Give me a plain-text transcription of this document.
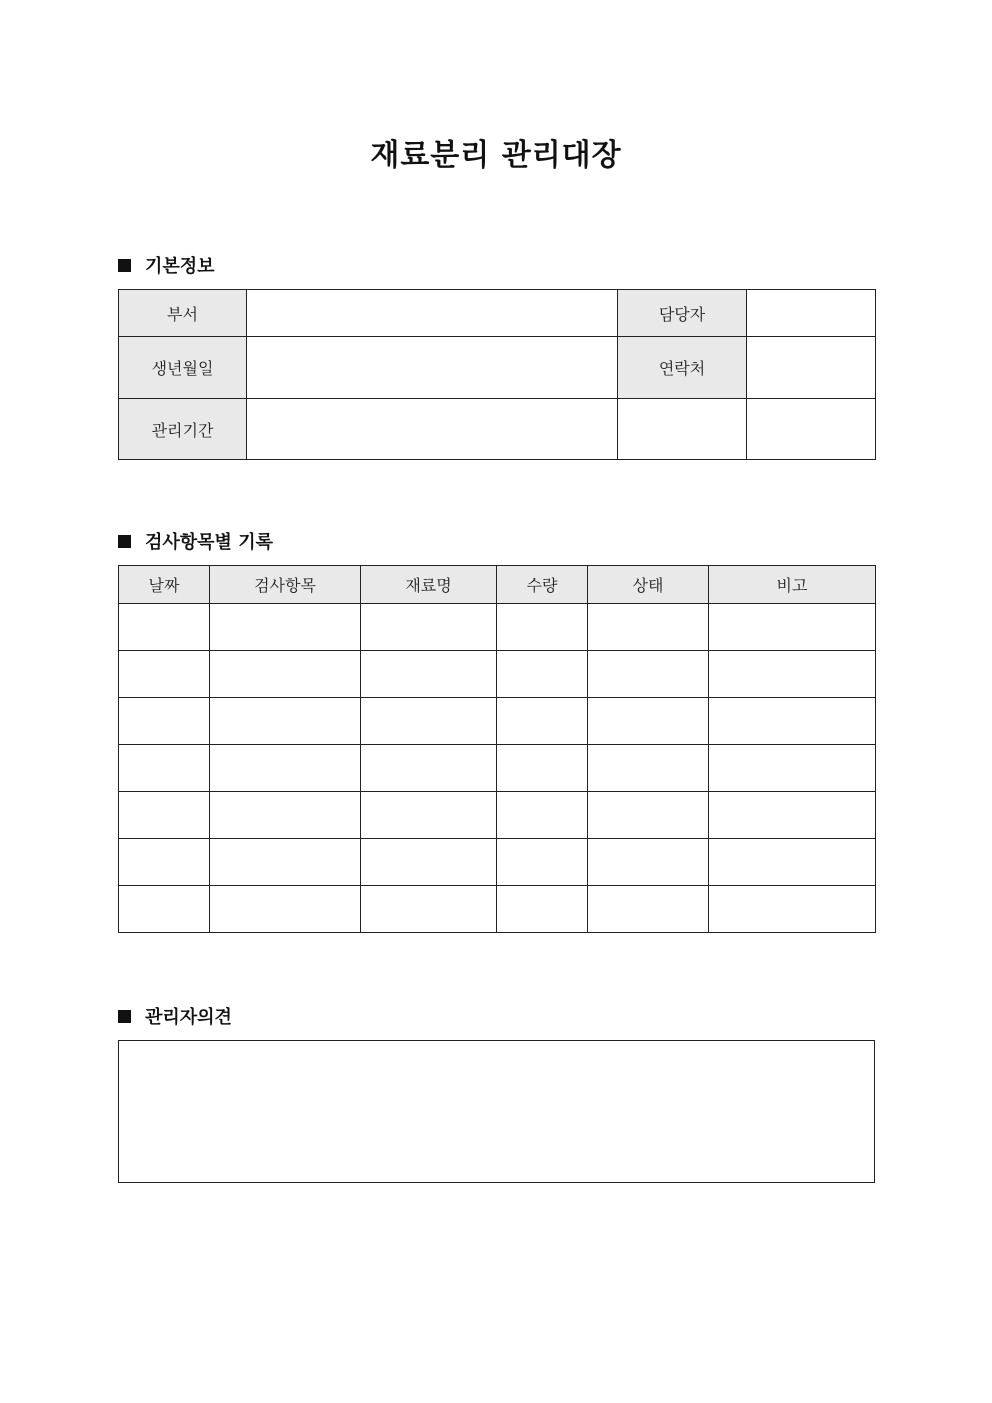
재료분리 관리대장
기본정보
부서		담당자	
생년월일		연락처	
관리기간			
검사항목별 기록
날짜	검사항목	재료명	수량	상태	비고

관리자의견
